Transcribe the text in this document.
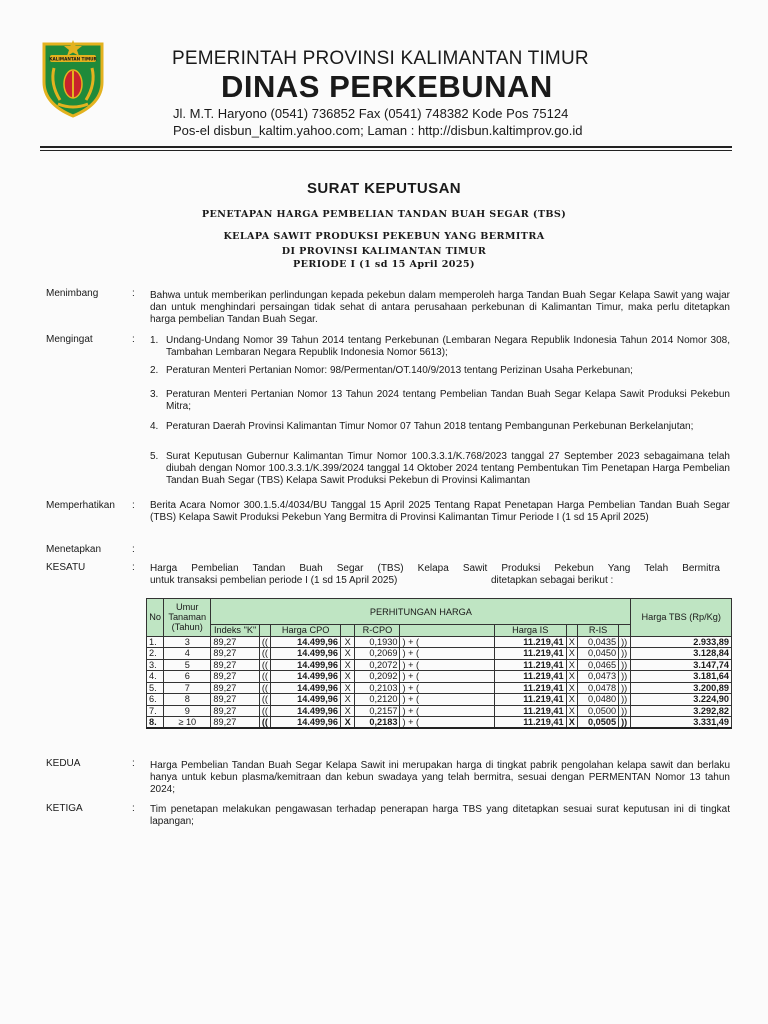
KALIMANTAN TIMUR	PEMERINTAH PROVINSI KALIMANTAN TIMUR
DINAS PERKEBUNAN
Jl. M.T. Haryono (0541) 736852 Fax (0541) 748382 Kode Pos 75124
Pos-el disbun_kaltim.yahoo.com; Laman : http://disbun.kaltimprov.go.id
SURAT KEPUTUSAN
PENETAPAN HARGA PEMBELIAN TANDAN BUAH SEGAR (TBS)
KELAPA SAWIT PRODUKSI PEKEBUN YANG BERMITRA
DI PROVINSI KALIMANTAN TIMUR
PERIODE I (1 sd 15 April 2025)
Menimbang	: Bahwa untuk memberikan perlindungan kepada pekebun dalam memperoleh harga Tandan Buah Segar Kelapa Sawit yang wajar dan untuk menghindari persaingan tidak sehat di antara perusahaan perkebunan di Kalimantan Timur, maka perlu ditetapkan harga pembelian Tandan Buah Segar.
Mengingat	: 1. Undang-Undang Nomor 39 Tahun 2014 tentang Perkebunan (Lembaran Negara Republik Indonesia Tahun 2014 Nomor 308, Tambahan Lembaran Negara Republik Indonesia Nomor 5613);
2. Peraturan Menteri Pertanian Nomor: 98/Permentan/OT.140/9/2013 tentang Perizinan Usaha Perkebunan;
3. Peraturan Menteri Pertanian Nomor 13 Tahun 2024 tentang Pembelian Tandan Buah Segar Kelapa Sawit Produksi Pekebun Mitra;
4. Peraturan Daerah Provinsi Kalimantan Timur Nomor 07 Tahun 2018 tentang Pembangunan Perkebunan Berkelanjutan;
5. Surat Keputusan Gubernur Kalimantan Timur Nomor 100.3.3.1/K.768/2023 tanggal 27 September 2023 sebagaimana telah diubah dengan Nomor 100.3.3.1/K.399/2024 tanggal 14 Oktober 2024 tentang Pembentukan Tim Penetapan Harga Pembelian Tandan Buah Segar (TBS) Kelapa Sawit Produksi Pekebun di Provinsi Kalimantan
Memperhatikan : Berita Acara Nomor 300.1.5.4/4034/BU Tanggal 15 April 2025 Tentang Rapat Penetapan Harga Pembelian Tandan Buah Segar (TBS) Kelapa Sawit Produksi Pekebun Yang Bermitra di Provinsi Kalimantan Timur Periode I (1 sd 15 April 2025)
Menetapkan	:
KESATU	: Harga Pembelian Tandan Buah Segar (TBS) Kelapa Sawit Produksi Pekebun Yang Telah Bermitra
untuk transaksi pembelian periode I (1 sd 15 April 2025)	ditetapkan sebagai berikut :
No	Umur Tanaman (Tahun)	PERHITUNGAN HARGA										Harga TBS (Rp/Kg)
		Indeks "K"		Harga CPO		R-CPO		Harga IS		R-IS		
1.	3	89,27	((	14.499,96	X	0,1930	) + (	11.219,41	X	0,0435	))	2.933,89
2.	4	89,27	((	14.499,96	X	0,2069	) + (	11.219,41	X	0,0450	))	3.128,84
3.	5	89,27	((	14.499,96	X	0,2072	) + (	11.219,41	X	0,0465	))	3.147,74
4.	6	89,27	((	14.499,96	X	0,2092	) + (	11.219,41	X	0,0473	))	3.181,64
5.	7	89,27	((	14.499,96	X	0,2103	) + (	11.219,41	X	0,0478	))	3.200,89
6.	8	89,27	((	14.499,96	X	0,2120	) + (	11.219,41	X	0,0480	))	3.224,90
7.	9	89,27	((	14.499,96	X	0,2157	) + (	11.219,41	X	0,0500	))	3.292,82
8.	≥ 10	89,27	((	14.499,96	X	0,2183	) + (	11.219,41	X	0,0505	))	3.331,49
KEDUA	: Harga Pembelian Tandan Buah Segar Kelapa Sawit ini merupakan harga di tingkat pabrik pengolahan kelapa sawit dan berlaku hanya untuk kebun plasma/kemitraan dan kebun swadaya yang telah bermitra, sesuai dengan PERMENTAN Nomor 13 tahun 2024;
KETIGA	: Tim penetapan melakukan pengawasan terhadap penerapan harga TBS yang ditetapkan sesuai surat keputusan ini di tingkat lapangan;
